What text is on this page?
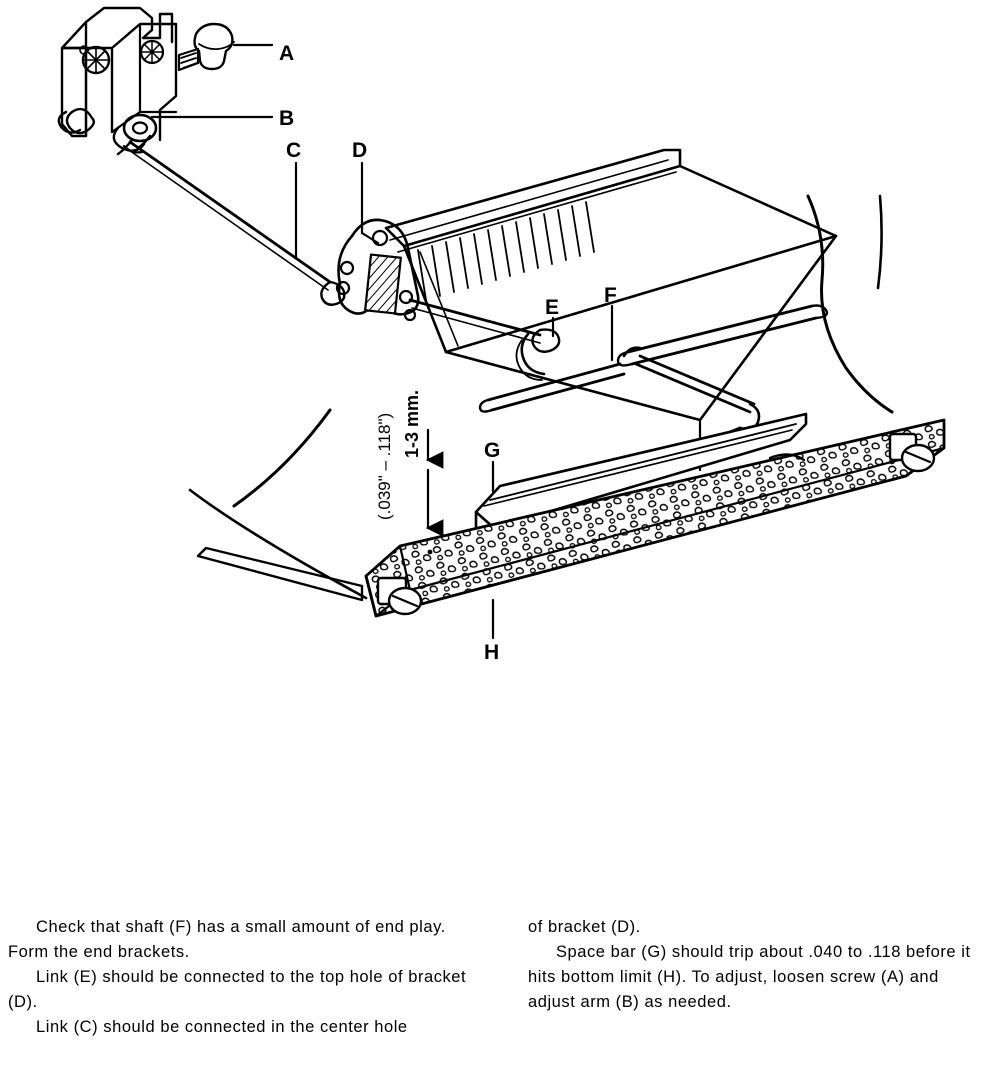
A
B
C D
E
F
G
H
(.039" – .118") 1-3 mm.

Check that shaft (F) has a small amount of end play. Form the end brackets.

Link (E) should be connected to the top hole of bracket (D).

Link (C) should be connected in the center hole

of bracket (D).

Space bar (G) should trip about .040 to .118 before it hits bottom limit (H). To adjust, loosen screw (A) and adjust arm (B) as needed.
